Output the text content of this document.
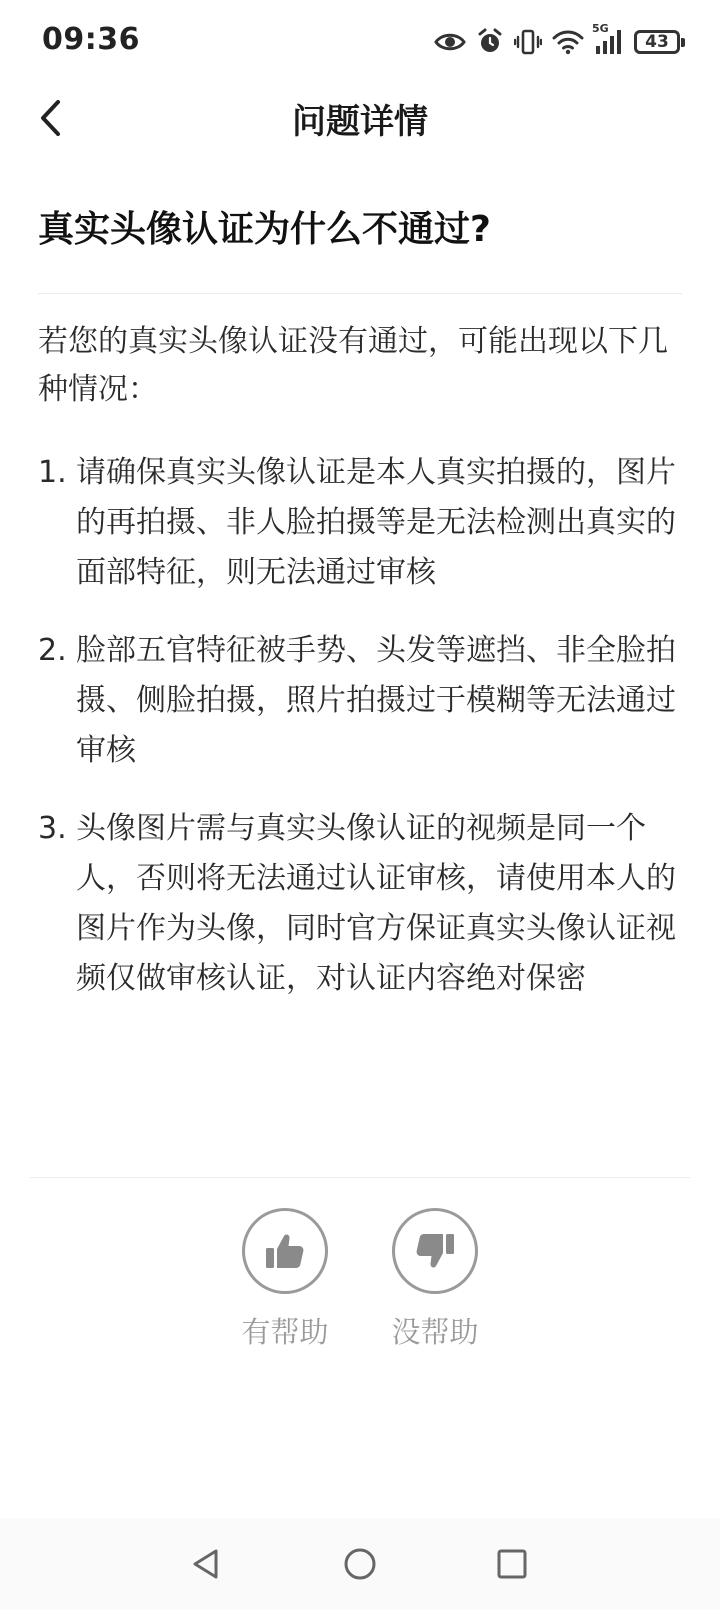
09:36	5G
43
问题详情
真实头像认证为什么不通过?
若您的真实头像认证没有通过，可能出现以下几种情况：
1. 请确保真实头像认证是本人真实拍摄的，图片的再拍摄、非人脸拍摄等是无法检测出真实的面部特征，则无法通过审核
2. 脸部五官特征被手势、头发等遮挡、非全脸拍摄、侧脸拍摄，照片拍摄过于模糊等无法通过审核
3. 头像图片需与真实头像认证的视频是同一个人，否则将无法通过认证审核，请使用本人的图片作为头像，同时官方保证真实头像认证视频仅做审核认证，对认证内容绝对保密
有帮助 没帮助
